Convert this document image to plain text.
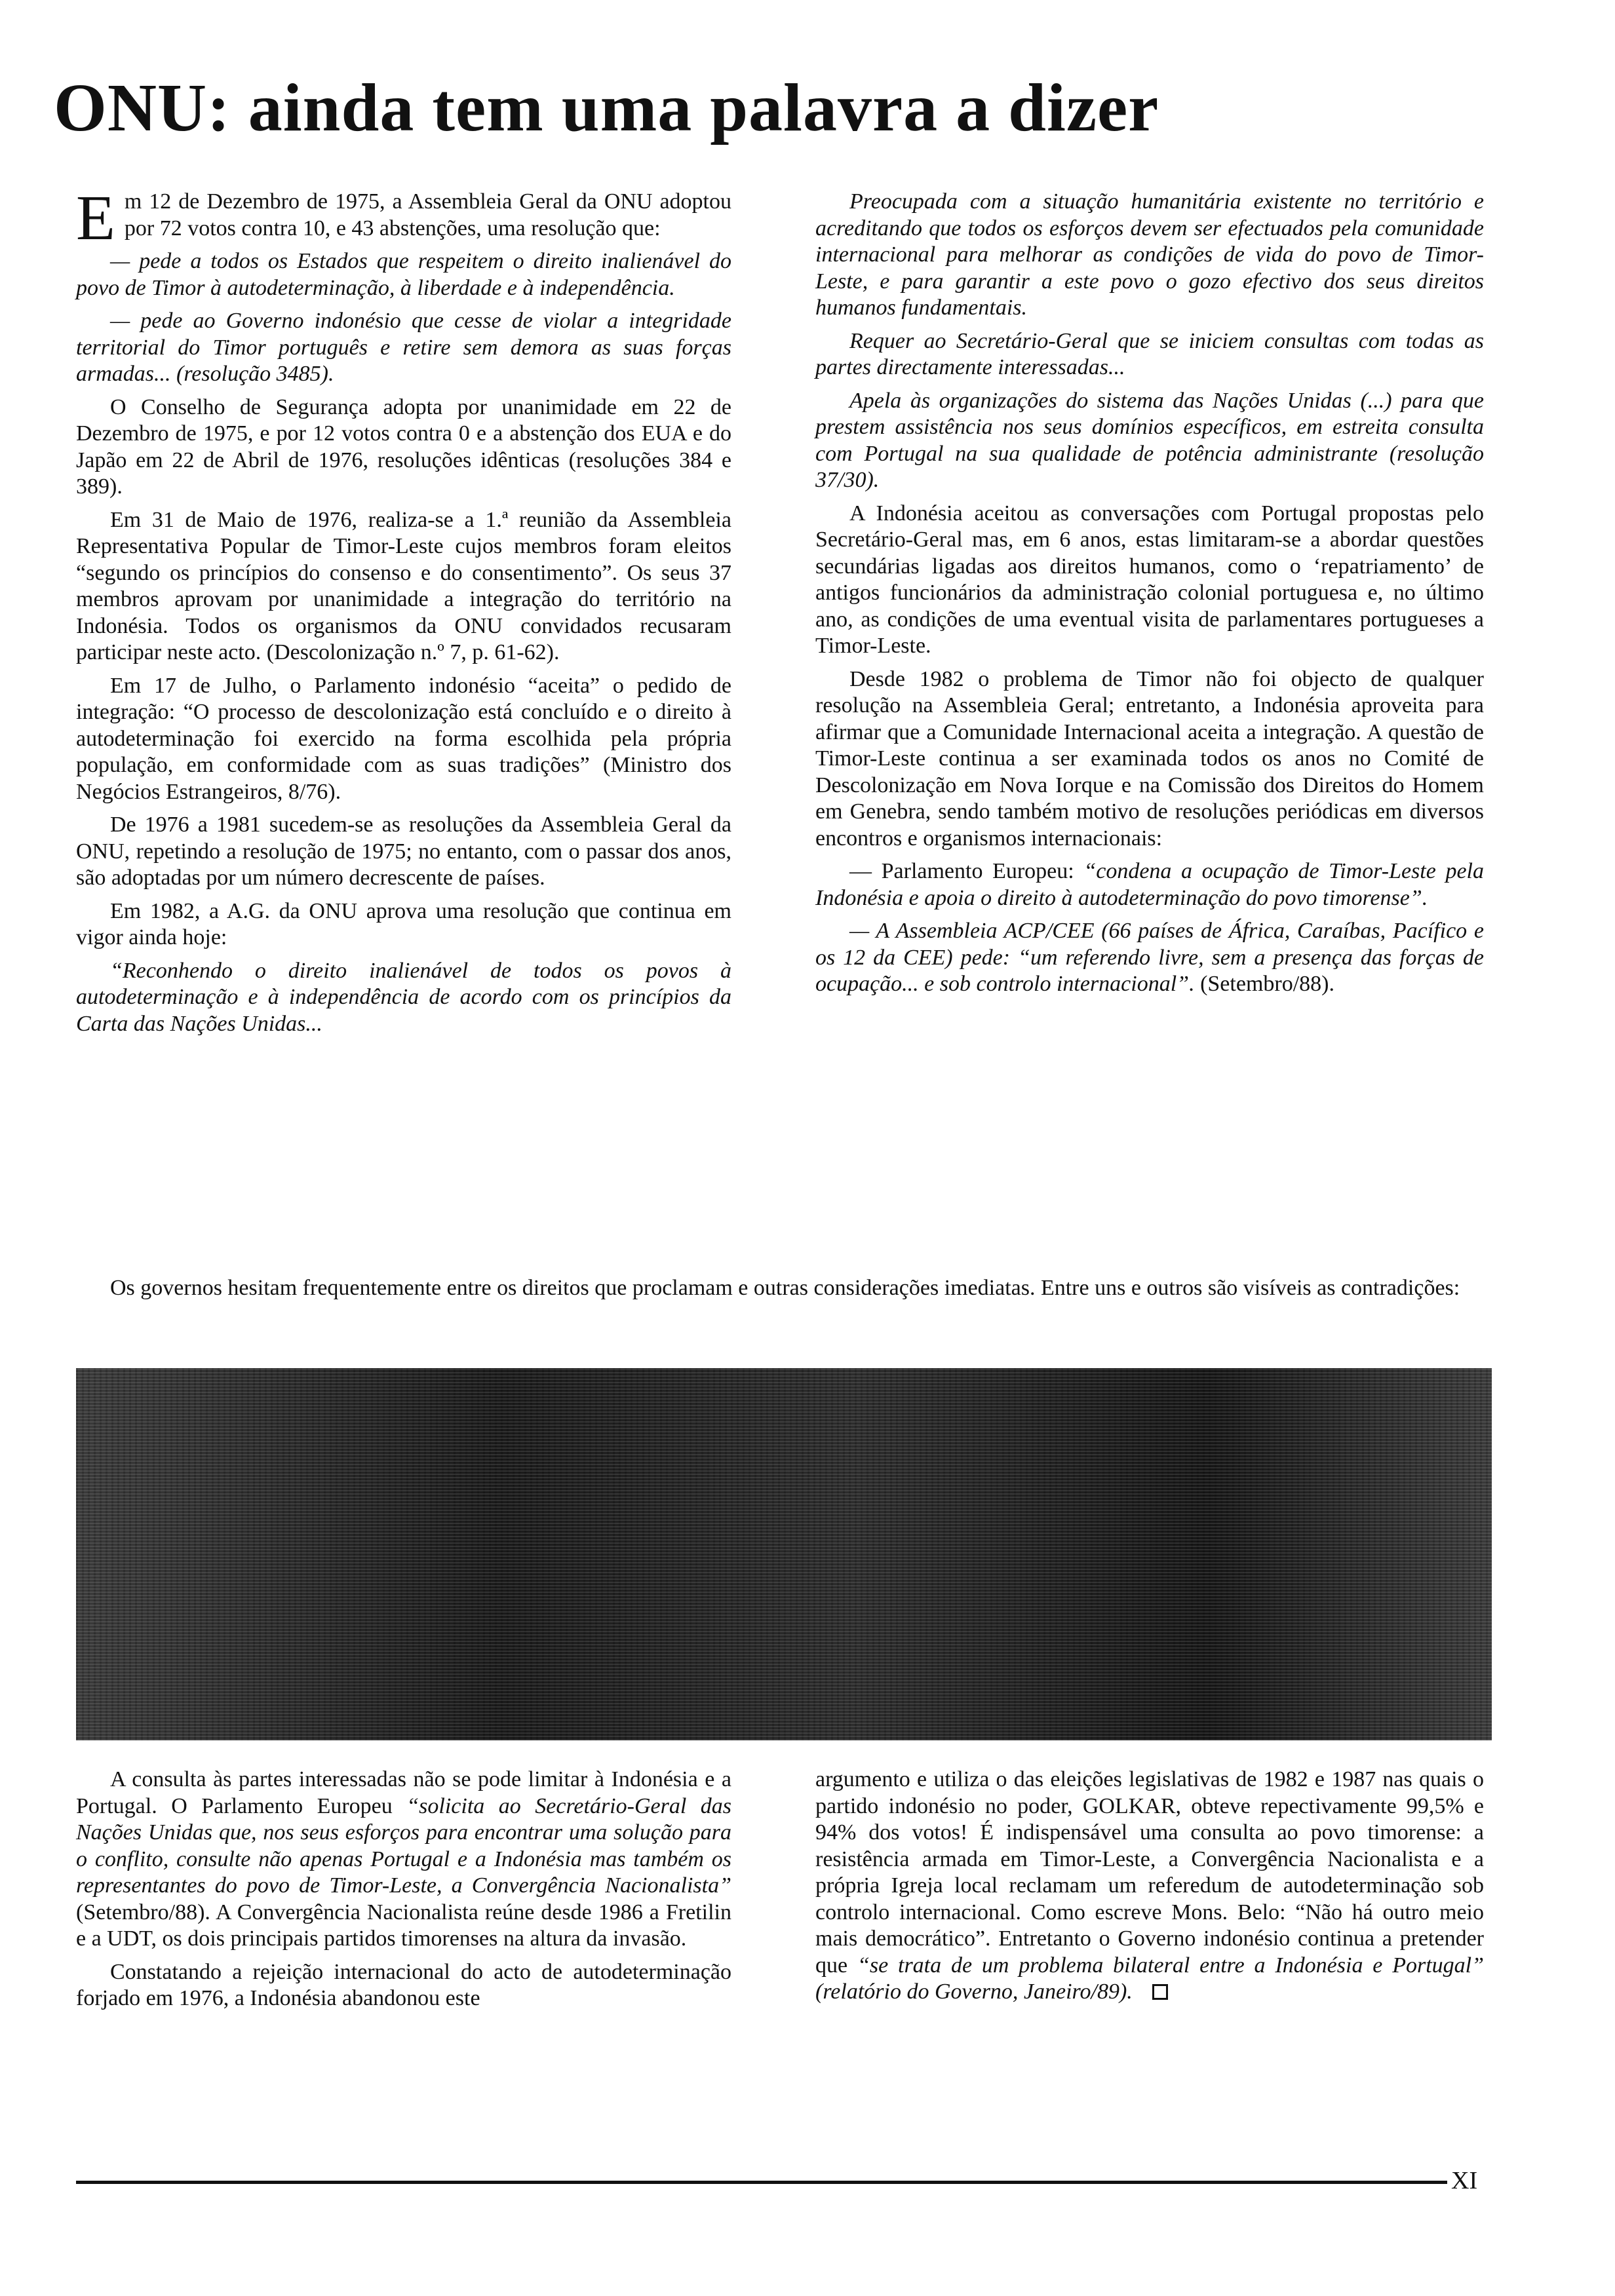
ONU: ainda tem uma palavra a dizer

Em 12 de Dezembro de 1975, a Assembleia Geral da ONU adoptou por 72 votos contra 10, e 43 abstenções, uma resolução que:

— pede a todos os Estados que respeitem o direito inalienável do povo de Timor à autodeterminação, à liberdade e à independência.

— pede ao Governo indonésio que cesse de violar a integridade territorial do Timor português e retire sem demora as suas forças armadas... (resolução 3485).

O Conselho de Segurança adopta por unanimidade em 22 de Dezembro de 1975, e por 12 votos contra 0 e a abstenção dos EUA e do Japão em 22 de Abril de 1976, resoluções idênticas (resoluções 384 e 389).

Em 31 de Maio de 1976, realiza-se a 1.ª reunião da Assembleia Representativa Popular de Timor-Leste cujos membros foram eleitos “segundo os princípios do consenso e do consentimento”. Os seus 37 membros aprovam por unanimidade a integração do território na Indonésia. Todos os organismos da ONU convidados recusaram participar neste acto. (Descolonização n.º 7, p. 61-62).

Em 17 de Julho, o Parlamento indonésio “aceita” o pedido de integração: “O processo de descolonização está concluído e o direito à autodeterminação foi exercido na forma escolhida pela própria população, em conformidade com as suas tradições” (Ministro dos Negócios Estrangeiros, 8/76).

De 1976 a 1981 sucedem-se as resoluções da Assembleia Geral da ONU, repetindo a resolução de 1975; no entanto, com o passar dos anos, são adoptadas por um número decrescente de países.

Em 1982, a A.G. da ONU aprova uma resolução que continua em vigor ainda hoje:

“Reconhendo o direito inalienável de todos os povos à autodeterminação e à independência de acordo com os princípios da Carta das Nações Unidas...

Preocupada com a situação humanitária existente no território e acreditando que todos os esforços devem ser efectuados pela comunidade internacional para melhorar as condições de vida do povo de Timor-Leste, e para garantir a este povo o gozo efectivo dos seus direitos humanos fundamentais.

Requer ao Secretário-Geral que se iniciem consultas com todas as partes directamente interessadas...

Apela às organizações do sistema das Nações Unidas (...) para que prestem assistência nos seus domínios específicos, em estreita consulta com Portugal na sua qualidade de potência administrante (resolução 37/30).

A Indonésia aceitou as conversações com Portugal propostas pelo Secretário-Geral mas, em 6 anos, estas limitaram-se a abordar questões secundárias ligadas aos direitos humanos, como o ‘repatriamento’ de antigos funcionários da administração colonial portuguesa e, no último ano, as condições de uma eventual visita de parlamentares portugueses a Timor-Leste.

Desde 1982 o problema de Timor não foi objecto de qualquer resolução na Assembleia Geral; entretanto, a Indonésia aproveita para afirmar que a Comunidade Internacional aceita a integração. A questão de Timor-Leste continua a ser examinada todos os anos no Comité de Descolonização em Nova Iorque e na Comissão dos Direitos do Homem em Genebra, sendo também motivo de resoluções periódicas em diversos encontros e organismos internacionais:

— Parlamento Europeu: “condena a ocupação de Timor-Leste pela Indonésia e apoia o direito à autodeterminação do povo timorense”.

— A Assembleia ACP/CEE (66 países de África, Caraíbas, Pacífico e os 12 da CEE) pede: “um referendo livre, sem a presença das forças de ocupação... e sob controlo internacional”. (Setembro/88).

Os governos hesitam frequentemente entre os direitos que proclamam e outras considerações imediatas. Entre uns e outros são visíveis as contradições:

A consulta às partes interessadas não se pode limitar à Indonésia e a Portugal. O Parlamento Europeu “solicita ao Secretário-Geral das Nações Unidas que, nos seus esforços para encontrar uma solução para o conflito, consulte não apenas Portugal e a Indonésia mas também os representantes do povo de Timor-Leste, a Convergência Nacionalista” (Setembro/88). A Convergência Nacionalista reúne desde 1986 a Fretilin e a UDT, os dois principais partidos timorenses na altura da invasão.

Constatando a rejeição internacional do acto de autodeterminação forjado em 1976, a Indonésia abandonou este

argumento e utiliza o das eleições legislativas de 1982 e 1987 nas quais o partido indonésio no poder, GOLKAR, obteve repectivamente 99,5% e 94% dos votos! É indispensável uma consulta ao povo timorense: a resistência armada em Timor-Leste, a Convergência Nacionalista e a própria Igreja local reclamam um referedum de autodeterminação sob controlo internacional. Como escreve Mons. Belo: “Não há outro meio mais democrático”. Entretanto o Governo indonésio continua a pretender que “se trata de um problema bilateral entre a Indonésia e Portugal” (relatório do Governo, Janeiro/89).

XI
